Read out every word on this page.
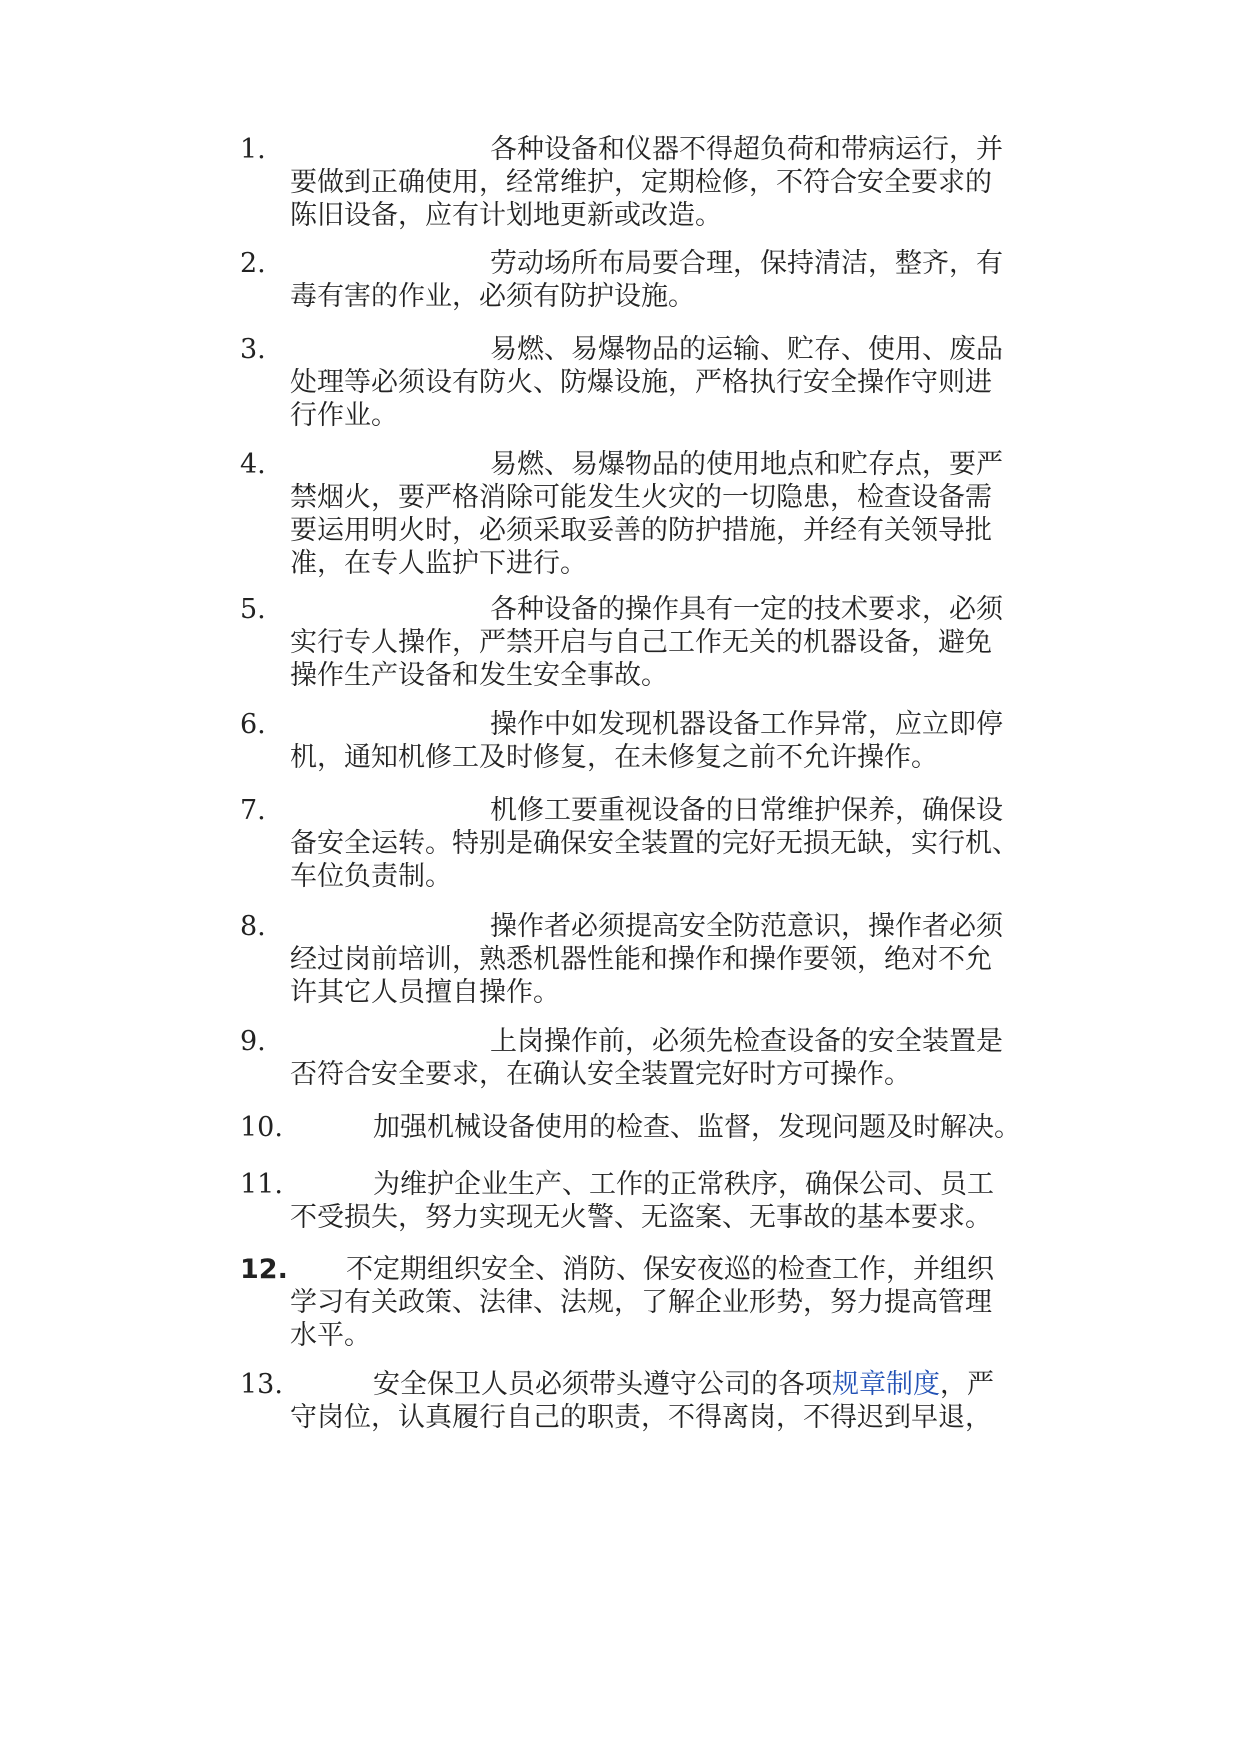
1.	各种设备和仪器不得超负荷和带病运行，并
要做到正确使用，经常维护，定期检修，不符合安全要求的
陈旧设备，应有计划地更新或改造。
2.	劳动场所布局要合理，保持清洁，整齐，有
毒有害的作业，必须有防护设施。
3.	易燃、易爆物品的运输、贮存、使用、废品
处理等必须设有防火、防爆设施，严格执行安全操作守则进
行作业。
4.	易燃、易爆物品的使用地点和贮存点，要严
禁烟火，要严格消除可能发生火灾的一切隐患，检查设备需
要运用明火时，必须采取妥善的防护措施，并经有关领导批
准，在专人监护下进行。
5.	各种设备的操作具有一定的技术要求，必须
实行专人操作，严禁开启与自己工作无关的机器设备，避免
操作生产设备和发生安全事故。
6.	操作中如发现机器设备工作异常，应立即停
机，通知机修工及时修复，在未修复之前不允许操作。
7.	机修工要重视设备的日常维护保养，确保设
备安全运转。特别是确保安全装置的完好无损无缺，实行机、
车位负责制。
8.	操作者必须提高安全防范意识，操作者必须
经过岗前培训，熟悉机器性能和操作和操作要领，绝对不允
许其它人员擅自操作。
9.	上岗操作前，必须先检查设备的安全装置是
否符合安全要求，在确认安全装置完好时方可操作。
10.	加强机械设备使用的检查、监督，发现问题及时解决。
11.	为维护企业生产、工作的正常秩序，确保公司、员工
不受损失，努力实现无火警、无盗案、无事故的基本要求。
12.	不定期组织安全、消防、保安夜巡的检查工作，并组织
学习有关政策、法律、法规，了解企业形势，努力提高管理
水平。
13.	安全保卫人员必须带头遵守公司的各项规章制度，严
守岗位，认真履行自己的职责，不得离岗，不得迟到早退，
